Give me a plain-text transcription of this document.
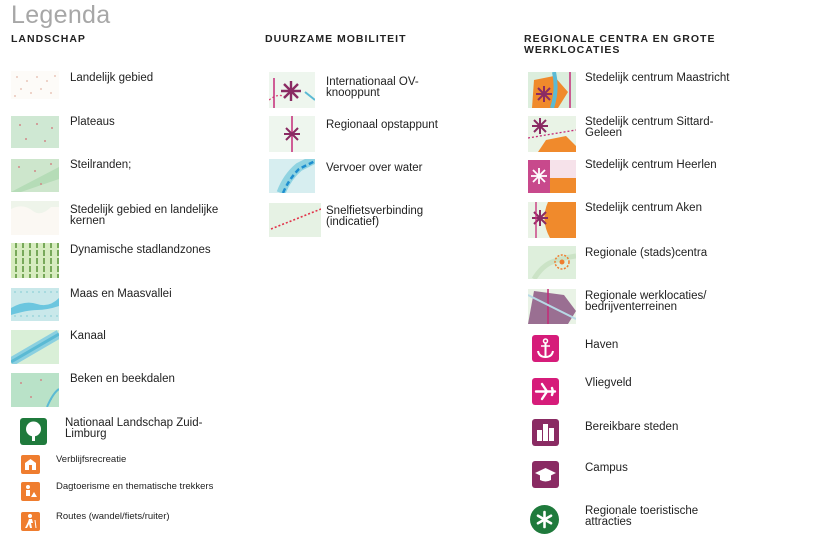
Legenda
LANDSCHAP	DUURZAME MOBILITEIT	REGIONALE CENTRA EN GROTE WERKLOCATIES
Landelijk gebied
Plateaus
Steilranden;
Stedelijk gebied en landelijke kernen
Dynamische stadlandzones
Maas en Maasvallei
Kanaal
Beken en beekdalen
Nationaal Landschap Zuid-Limburg
Verblijfsrecreatie
Dagtoerisme en thematische trekkers
Routes (wandel/fiets/ruiter)
Internationaal OV-knooppunt
Regionaal opstappunt
Vervoer over water
Snelfietsverbinding (indicatief)
Stedelijk centrum Maastricht
Stedelijk centrum Sittard-Geleen
Stedelijk centrum Heerlen
Stedelijk centrum Aken
Regionale (stads)centra
Regionale werklocaties/ bedrijventerreinen
Haven
Vliegveld
Bereikbare steden
Campus
Regionale toeristische attracties
